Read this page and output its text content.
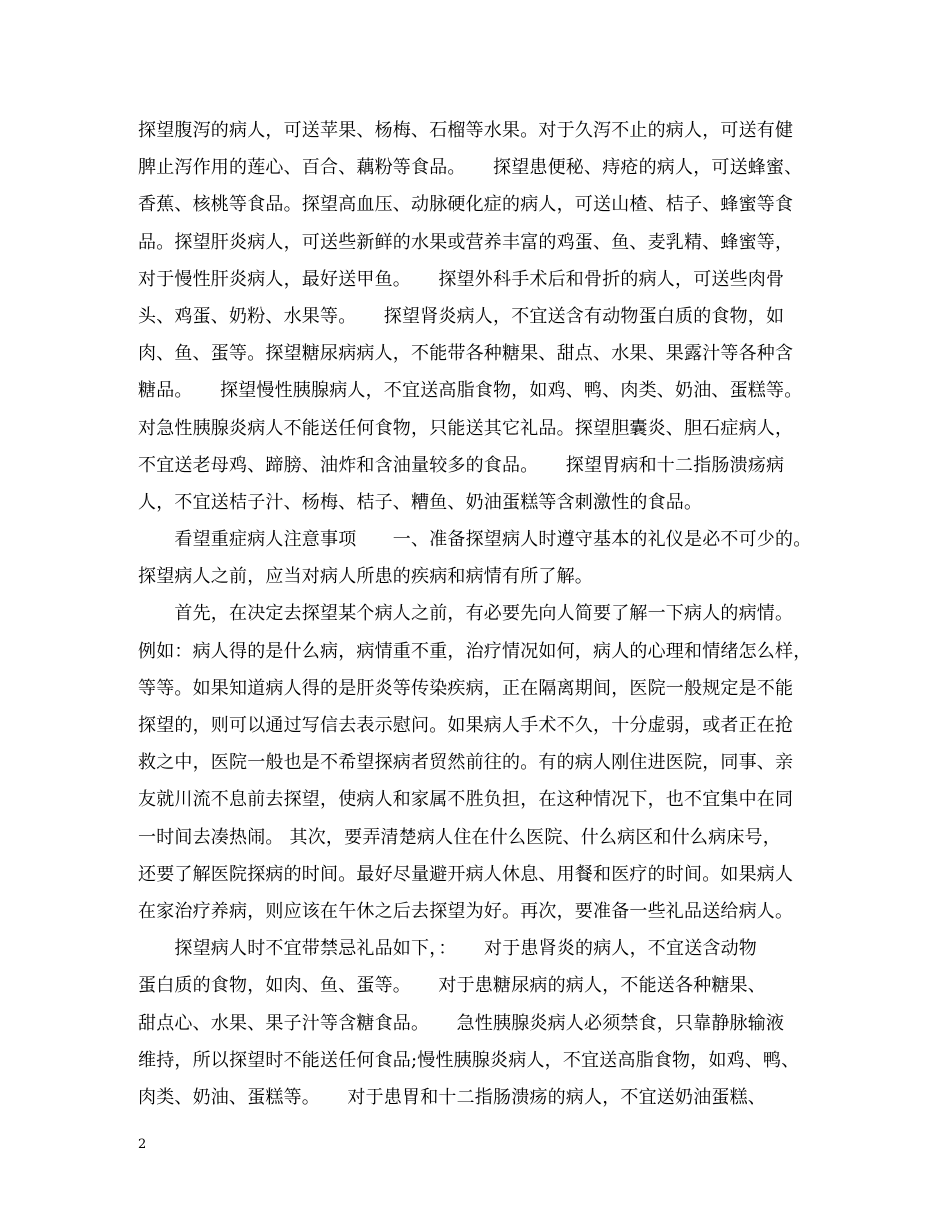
探望腹泻的病人，可送苹果、杨梅、石榴等水果。对于久泻不止的病人，可送有健
脾止泻作用的莲心、百合、藕粉等食品。　　探望患便秘、痔疮的病人，可送蜂蜜、
香蕉、核桃等食品。探望高血压、动脉硬化症的病人，可送山楂、桔子、蜂蜜等食
品。探望肝炎病人，可送些新鲜的水果或营养丰富的鸡蛋、鱼、麦乳精、蜂蜜等，
对于慢性肝炎病人，最好送甲鱼。　　探望外科手术后和骨折的病人，可送些肉骨
头、鸡蛋、奶粉、水果等。　　探望肾炎病人，不宜送含有动物蛋白质的食物，如
肉、鱼、蛋等。探望糖尿病病人，不能带各种糖果、甜点、水果、果露汁等各种含
糖品。　　探望慢性胰腺病人，不宜送高脂食物，如鸡、鸭、肉类、奶油、蛋糕等。
对急性胰腺炎病人不能送任何食物，只能送其它礼品。探望胆囊炎、胆石症病人，
不宜送老母鸡、蹄膀、油炸和含油量较多的食品。　　探望胃病和十二指肠溃疡病
人，不宜送桔子汁、杨梅、桔子、糟鱼、奶油蛋糕等含刺激性的食品。
　　看望重症病人注意事项　　一、准备探望病人时遵守基本的礼仪是必不可少的。
探望病人之前，应当对病人所患的疾病和病情有所了解。
　　首先，在决定去探望某个病人之前，有必要先向人简要了解一下病人的病情。
例如：病人得的是什么病，病情重不重，治疗情况如何，病人的心理和情绪怎么样，
等等。如果知道病人得的是肝炎等传染疾病，正在隔离期间，医院一般规定是不能
探望的，则可以通过写信去表示慰问。如果病人手术不久，十分虚弱，或者正在抢
救之中，医院一般也是不希望探病者贸然前往的。有的病人刚住进医院，同事、亲
友就川流不息前去探望，使病人和家属不胜负担，在这种情况下，也不宜集中在同
一时间去凑热闹。 其次，要弄清楚病人住在什么医院、什么病区和什么病床号，
还要了解医院探病的时间。最好尽量避开病人休息、用餐和医疗的时间。如果病人
在家治疗养病，则应该在午休之后去探望为好。再次，要准备一些礼品送给病人。
　　探望病人时不宜带禁忌礼品如下，：　　对于患肾炎的病人，不宜送含动物
蛋白质的食物，如肉、鱼、蛋等。　　对于患糖尿病的病人，不能送各种糖果、
甜点心、水果、果子汁等含糖食品。　　急性胰腺炎病人必须禁食，只靠静脉输液
维持，所以探望时不能送任何食品;慢性胰腺炎病人，不宜送高脂食物，如鸡、鸭、
肉类、奶油、蛋糕等。　　对于患胃和十二指肠溃疡的病人，不宜送奶油蛋糕、
2
